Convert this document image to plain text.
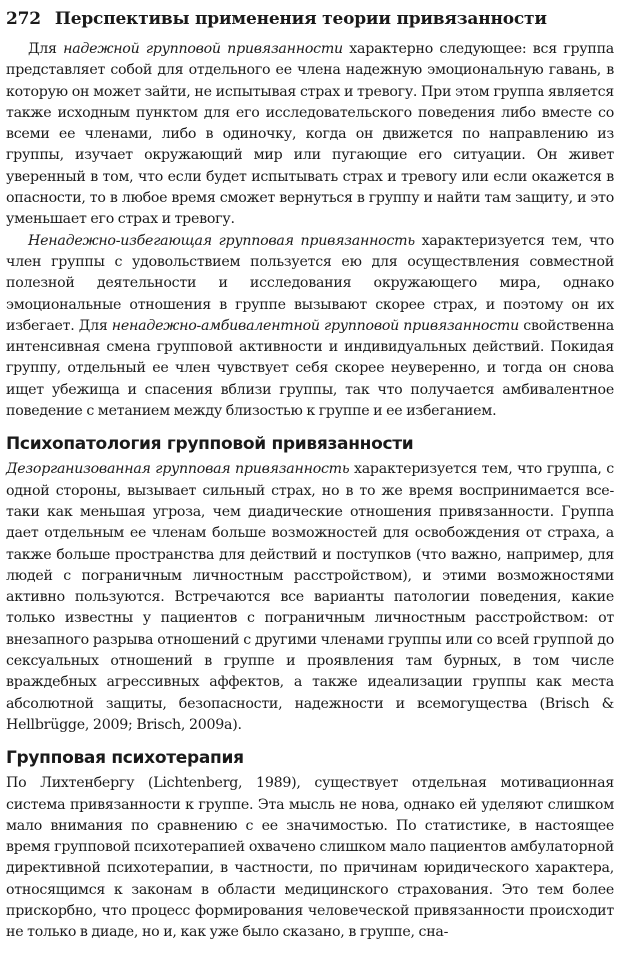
272 Перспективы применения теории привязанности

Для надежной групповой привязанности характерно следующее: вся группа представляет собой для отдельного ее члена надежную эмоциональную гавань, в которую он может зайти, не испытывая страх и тревогу. При этом группа является также исходным пунктом для его исследовательского поведения либо вместе со всеми ее членами, либо в одиночку, когда он движется по направлению из группы, изучает окружающий мир или пугающие его ситуации. Он живет уверенный в том, что если будет испытывать страх и тревогу или если окажется в опасности, то в любое время сможет вернуться в группу и найти там защиту, и это уменьшает его страх и тревогу.

Ненадежно-избегающая групповая привязанность характеризуется тем, что член группы с удовольствием пользуется ею для осуществления совместной полезной деятельности и исследования окружающего мира, однако эмоциональные отношения в группе вызывают скорее страх, и поэтому он их избегает. Для ненадежно-амбивалентной групповой привязанности свойственна интенсивная смена групповой активности и индивидуальных действий. Покидая группу, отдельный ее член чувствует себя скорее неуверенно, и тогда он снова ищет убежища и спасения вблизи группы, так что получается амбивалентное поведение с метанием между близостью к группе и ее избеганием.

Психопатология групповой привязанности

Дезорганизованная групповая привязанность характеризуется тем, что группа, с одной стороны, вызывает сильный страх, но в то же время воспринимается все-таки как меньшая угроза, чем диадические отношения привязанности. Группа дает отдельным ее членам больше возможностей для освобождения от страха, а также больше пространства для действий и поступков (что важно, например, для людей с пограничным личностным расстройством), и этими возможностями активно пользуются. Встречаются все варианты патологии поведения, какие только известны у пациентов с пограничным личностным расстройством: от внезапного разрыва отношений с другими членами группы или со всей группой до сексуальных отношений в группе и проявления там бурных, в том числе враждебных агрессивных аффектов, а также идеализации группы как места абсолютной защиты, безопасности, надежности и всемогущества (Brisch & Hellbrügge, 2009; Brisch, 2009a).

Групповая психотерапия

По Лихтенбергу (Lichtenberg, 1989), существует отдельная мотивационная система привязанности к группе. Эта мысль не нова, однако ей уделяют слишком мало внимания по сравнению с ее значимостью. По статистике, в настоящее время групповой психотерапией охвачено слишком мало пациентов амбулаторной директивной психотерапии, в частности, по причинам юридического характера, относящимся к законам в области медицинского страхования. Это тем более прискорбно, что процесс формирования человеческой привязанности происходит не только в диаде, но и, как уже было сказано, в группе, сна-
